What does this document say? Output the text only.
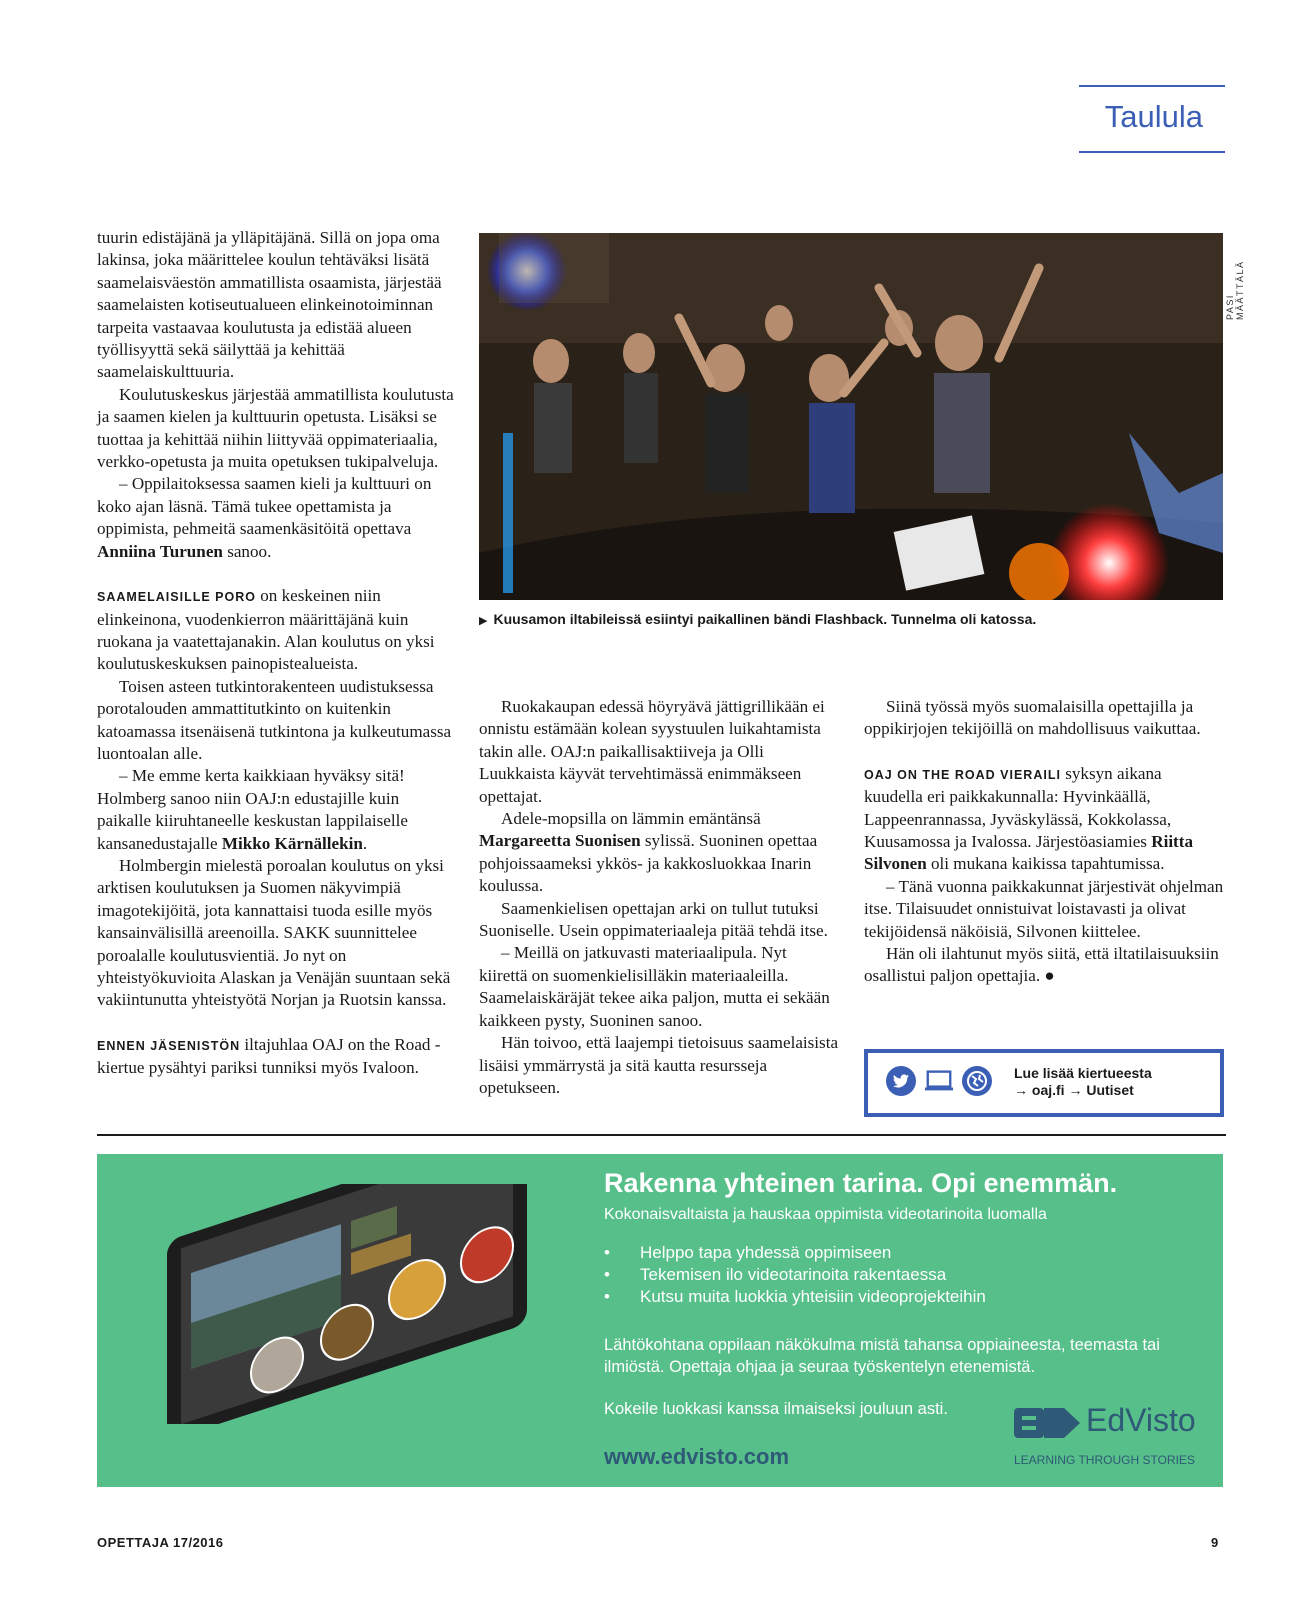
Taulula

tuurin edistäjänä ja ylläpitäjänä. Sillä on jopa oma lakinsa, joka määrittelee koulun tehtäväksi lisätä saamelaisväestön ammatillista osaamista, järjestää saamelaisten kotiseutualueen elinkeinotoiminnan tarpeita vastaavaa koulutusta ja edistää alueen työllisyyttä sekä säilyttää ja kehittää saamelaiskulttuuria.

Koulutuskeskus järjestää ammatillista koulutusta ja saamen kielen ja kulttuurin opetusta. Lisäksi se tuottaa ja kehittää niihin liittyvää oppimateriaalia, verkko-opetusta ja muita opetuksen tukipalveluja.

– Oppilaitoksessa saamen kieli ja kulttuuri on koko ajan läsnä. Tämä tukee opettamista ja oppimista, pehmeitä saamenkäsitöitä opettava Anniina Turunen sanoo.

SAAMELAISILLE PORO on keskeinen niin elinkeinona, vuodenkierron määrittäjänä kuin ruokana ja vaatettajanakin. Alan koulutus on yksi koulutuskeskuksen painopistealueista.

Toisen asteen tutkintorakenteen uudistuksessa porotalouden ammattitutkinto on kuitenkin katoamassa itsenäisenä tutkintona ja kulkeutumassa luontoalan alle.

– Me emme kerta kaikkiaan hyväksy sitä! Holmberg sanoo niin OAJ:n edustajille kuin paikalle kiiruhtaneelle keskustan lappilaiselle kansanedustajalle Mikko Kärnällekin.

Holmbergin mielestä poroalan koulutus on yksi arktisen koulutuksen ja Suomen näkyvimpiä imagotekijöitä, jota kannattaisi tuoda esille myös kansainvälisillä areenoilla. SAKK suunnittelee poroalalle koulutusvientiä. Jo nyt on yhteistyökuvioita Alaskan ja Venäjän suuntaan sekä vakiintunutta yhteistyötä Norjan ja Ruotsin kanssa.

ENNEN JÄSENISTÖN iltajuhlaa OAJ on the Road -kiertue pysähtyi pariksi tunniksi myös Ivaloon.

PASI MÄÄTTÄLÄ
▶ Kuusamon iltabileissä esiintyi paikallinen bändi Flashback. Tunnelma oli katossa.

Ruokakaupan edessä höyryävä jättigrillikään ei onnistu estämään kolean syystuulen luikahtamista takin alle. OAJ:n paikallisaktiiveja ja Olli Luukkaista käyvät tervehtimässä enimmäkseen opettajat.

Adele-mopsilla on lämmin emäntänsä Margareetta Suonisen sylissä. Suoninen opettaa pohjoissaameksi ykkös- ja kakkosluokkaa Inarin koulussa.

Saamenkielisen opettajan arki on tullut tutuksi Suoniselle. Usein oppimateriaaleja pitää tehdä itse.

– Meillä on jatkuvasti materiaalipula. Nyt kiirettä on suomenkielisilläkin materiaaleilla. Saamelaiskäräjät tekee aika paljon, mutta ei sekään kaikkeen pysty, Suoninen sanoo.

Hän toivoo, että laajempi tietoisuus saamelaisista lisäisi ymmärrystä ja sitä kautta resursseja opetukseen.

Siinä työssä myös suomalaisilla opettajilla ja oppikirjojen tekijöillä on mahdollisuus vaikuttaa.

OAJ ON THE ROAD VIERAILI syksyn aikana kuudella eri paikkakunnalla: Hyvinkäällä, Lappeenrannassa, Jyväskylässä, Kokkolassa, Kuusamossa ja Ivalossa. Järjestöasiamies Riitta Silvonen oli mukana kaikissa tapahtumissa.

– Tänä vuonna paikkakunnat järjestivät ohjelman itse. Tilaisuudet onnistuivat loistavasti ja olivat tekijöidensä näköisiä, Silvonen kiittelee.

Hän oli ilahtunut myös siitä, että iltatilaisuuksiin osallistui paljon opettajia. ●

Lue lisää kiertueesta
→ oaj.fi → Uutiset
Rakenna yhteinen tarina. Opi enemmän.
Kokonaisvaltaista ja hauskaa oppimista videotarinoita luomalla
• Helppo tapa yhdessä oppimiseen
• Tekemisen ilo videotarinoita rakentaessa
• Kutsu muita luokkia yhteisiin videoprojekteihin
Lähtökohtana oppilaan näkökulma mistä tahansa oppiaineesta, teemasta tai ilmiöstä. Opettaja ohjaa ja seuraa työskentelyn etenemistä.
Kokeile luokkasi kanssa ilmaiseksi jouluun asti.
www.edvisto.com
EdVisto
LEARNING THROUGH STORIES
OPETTAJA 17/2016	9
